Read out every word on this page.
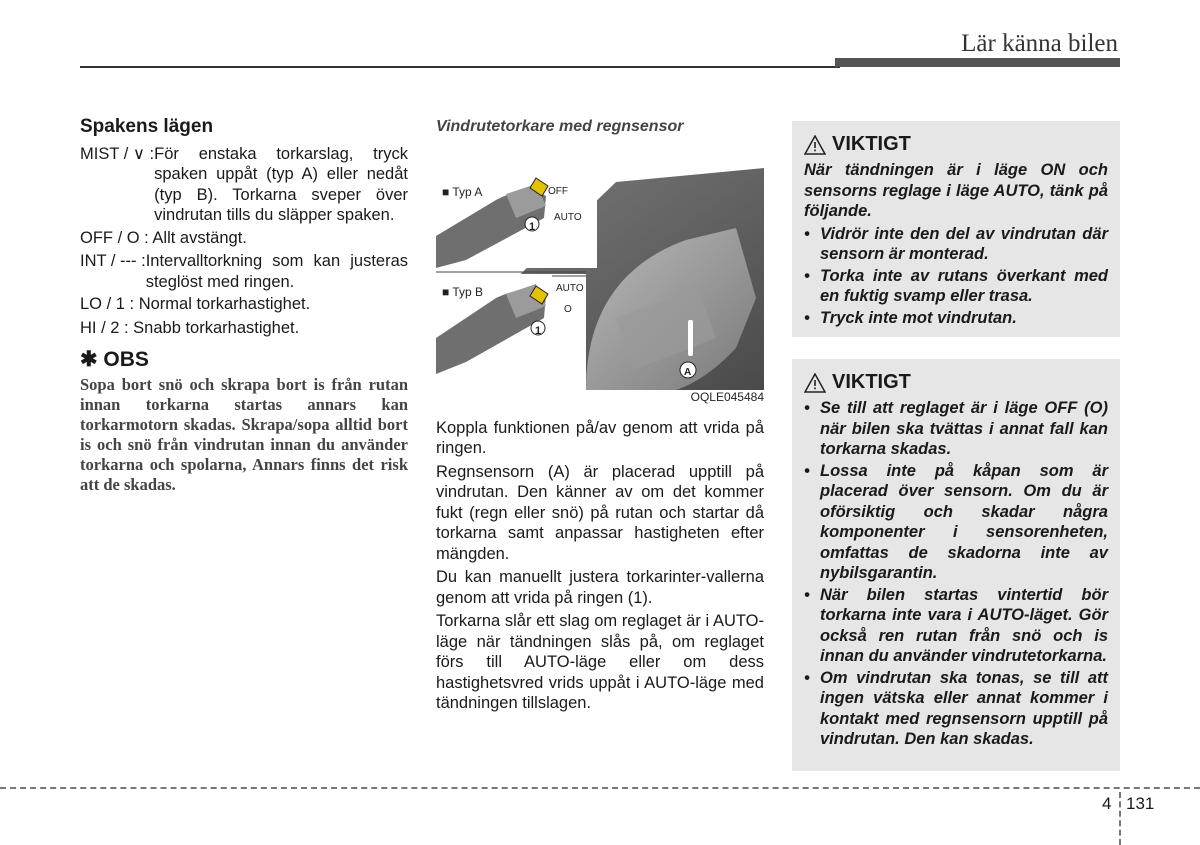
Lär känna bilen
Spakens lägen
MIST / ∨ : För enstaka torkarslag, tryck spaken uppåt (typ A) eller nedåt (typ B). Torkarna sveper över vindrutan tills du släpper spaken.
OFF / O : Allt avstängt.
INT / --- : Intervalltorkning som kan justeras steglöst med ringen.
LO / 1 : Normal torkarhastighet.
HI / 2 : Snabb torkarhastighet.
✱ OBS
Sopa bort snö och skrapa bort is från rutan innan torkarna startas annars kan torkarmotorn skadas. Skrapa/sopa alltid bort is och snö från vindrutan innan du använder torkarna och spolarna, Annars finns det risk att de skadas.
Vindrutetorkare med regnsensor
■ Typ A	OFF
AUTO
1
■ Typ B	AUTO
O
1
A
OQLE045484

Koppla funktionen på/av genom att vrida på ringen.

Regnsensorn (A) är placerad upptill på vindrutan. Den känner av om det kommer fukt (regn eller snö) på rutan och startar då torkarna samt anpassar hastigheten efter mängden.

Du kan manuellt justera torkarinter-vallerna genom att vrida på ringen (1).

Torkarna slår ett slag om reglaget är i AUTO-läge när tändningen slås på, om reglaget förs till AUTO-läge eller om dess hastighetsvred vrids uppåt i AUTO-läge med tändningen tillslagen.

VIKTIGT
När tändningen är i läge ON och sensorns reglage i läge AUTO, tänk på följande.
• Vidrör inte den del av vindrutan där sensorn är monterad.
• Torka inte av rutans överkant med en fuktig svamp eller trasa.
• Tryck inte mot vindrutan.
VIKTIGT
• Se till att reglaget är i läge OFF (O) när bilen ska tvättas i annat fall kan torkarna skadas.
• Lossa inte på kåpan som är placerad över sensorn. Om du är oförsiktig och skadar några komponenter i sensorenheten, omfattas de skadorna inte av nybilsgarantin.
• När bilen startas vintertid bör torkarna inte vara i AUTO-läget. Gör också ren rutan från snö och is innan du använder vindrutetorkarna.
• Om vindrutan ska tonas, se till att ingen vätska eller annat kommer i kontakt med regnsensorn upptill på vindrutan. Den kan skadas.
4 131
